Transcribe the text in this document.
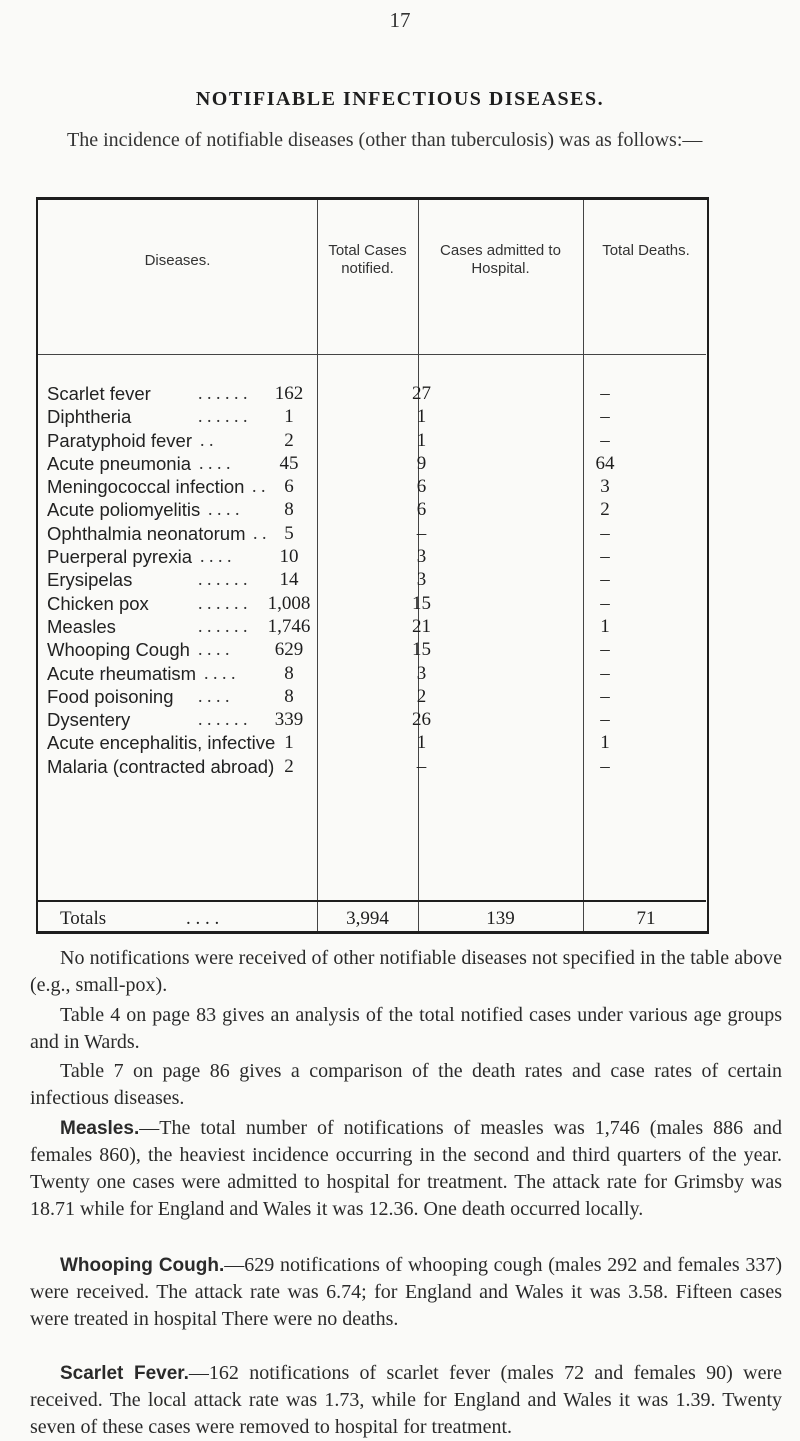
17
NOTIFIABLE INFECTIOUS DISEASES.
The incidence of notifiable diseases (other than tuberculosis) was as follows:—
Diseases.
Total Cases notified.
Cases admitted to Hospital.
Total Deaths.
Scarlet fever	. . . . . .	162	27	–
Diphtheria	. . . . . .	1	1	–
Paratyphoid fever . .	2	1	–
Acute pneumonia . . . .	45	9	64
Meningococcal infection . . 6	6	3
Acute poliomyelitis . . . .	8	6	2
Ophthalmia neonatorum . . 5	–	–
Puerperal pyrexia . . . .	10	3	–
Erysipelas	. . . . . .	14	3	–
Chicken pox	. . . . . .	1,008	15	–
Measles	. . . . . .	1,746	21	1
Whooping Cough . . . .	629	15	–
Acute rheumatism . . . .	8	3	–
Food poisoning . . . .	8	2	–
Dysentery	. . . . . .	339	26	–
Acute encephalitis, infective 1	1	1
Malaria (contracted abroad) 2	–	–
Totals	. . . .	3,994	139	71
No notifications were received of other notifiable diseases not specified in the table above (e.g., small-pox).
Table 4 on page 83 gives an analysis of the total notified cases under various age groups and in Wards.
Table 7 on page 86 gives a comparison of the death rates and case rates of certain infectious diseases.
Measles.—The total number of notifications of measles was 1,746 (males 886 and females 860), the heaviest incidence occurring in the second and third quarters of the year. Twenty one cases were admitted to hospital for treatment. The attack rate for Grimsby was 18.71 while for England and Wales it was 12.36. One death occurred locally.
Whooping Cough.—629 notifications of whooping cough (males 292 and females 337) were received. The attack rate was 6.74; for England and Wales it was 3.58. Fifteen cases were treated in hospital There were no deaths.
Scarlet Fever.—162 notifications of scarlet fever (males 72 and females 90) were received. The local attack rate was 1.73, while for England and Wales it was 1.39. Twenty seven of these cases were removed to hospital for treatment.
